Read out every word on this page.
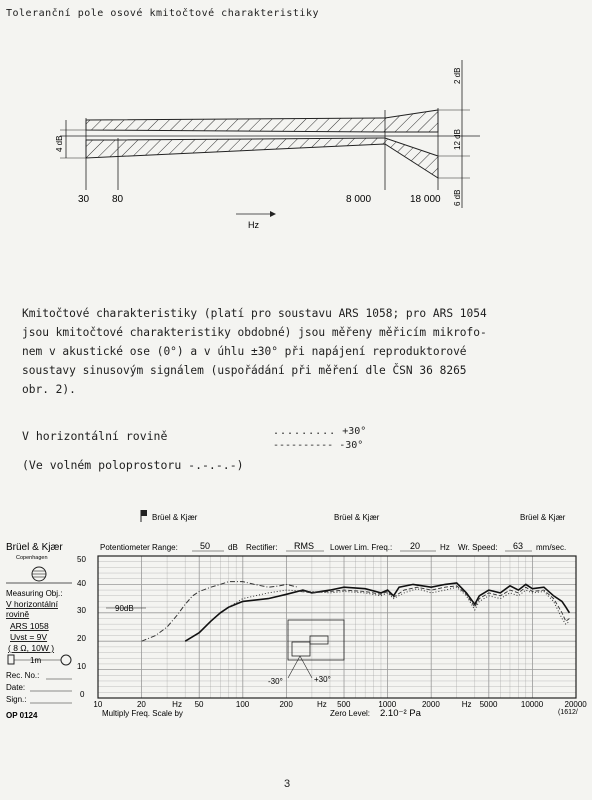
Toleranční pole osové kmitočtové charakteristiky
30 80	8 000	18 000
Hz
4 dB
2 dB
12 dB
6 dB
Kmitočtové charakteristiky (platí pro soustavu ARS 1058; pro ARS 1054
jsou kmitočtové charakteristiky obdobné) jsou měřeny měřicím mikrofo-
nem v akustické ose (0°) a v úhlu ±30° při napájení reproduktorové
soustavy sinusovým signálem (uspořádání při měření dle ČSN 36 8265
obr. 2).
V horizontální rovině	......... +30°
---------- -30°
(Ve volném poloprostoru -.-.-.-)
Brüel & Kjær	Brüel & Kjær	Brüel & Kjær
Brüel & Kjær
Copenhagen
Measuring Obj.:
V horizontální
rovině
ARS 1058
Uvst = 9V
( 8 Ω, 10W )
1m
Rec. No.:
Date:
Sign.:
OP 0124
Potentiometer Range: 50 dB Rectifier: RMS Lower Lim. Freq.: 20 Hz Wr. Speed: 63 mm/sec.
50
40
30
20
10
0
90dB
-30°	+30°
10	20	Hz 50	100	200	Hz 500	1000	2000	Hz 5000	10000	20000
Multiply Freq. Scale by	Zero Level: 2.10⁻² Pa	(1612/
3
